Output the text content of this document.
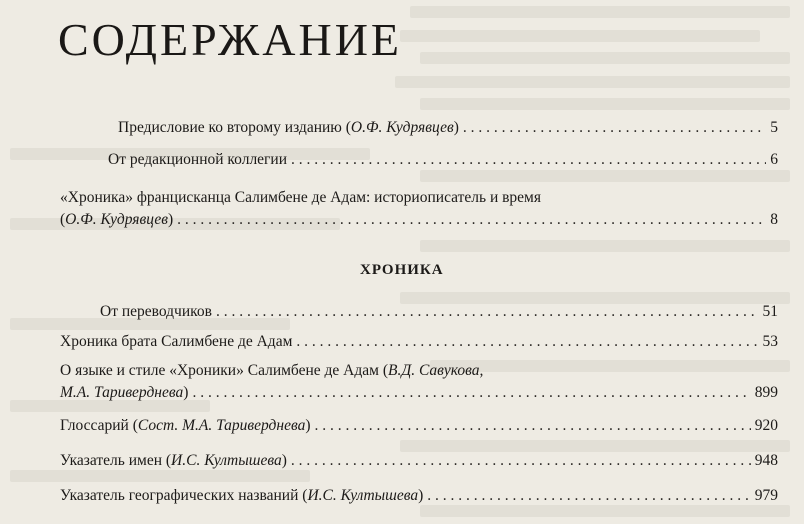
СОДЕРЖАНИЕ
Предисловие ко второму изданию (О.Ф. Кудрявцев) . . .	5
От редакционной коллегии . . .	6
«Хроника» францисканца Салимбене де Адам: историописатель и время
(О.Ф. Кудрявцев) . . .	8
ХРОНИКА
От переводчиков . . .	51
Хроника брата Салимбене де Адам . . .	53
О языке и стиле «Хроники» Салимбене де Адам (В.Д. Савукова,
М.А. Тариверднева) . . .	899
Глоссарий (Сост. М.А. Тариверднева) . . .	920
Указатель имен (И.С. Култышева) . . .	948
Указатель географических названий (И.С. Култышева) . . .	979
